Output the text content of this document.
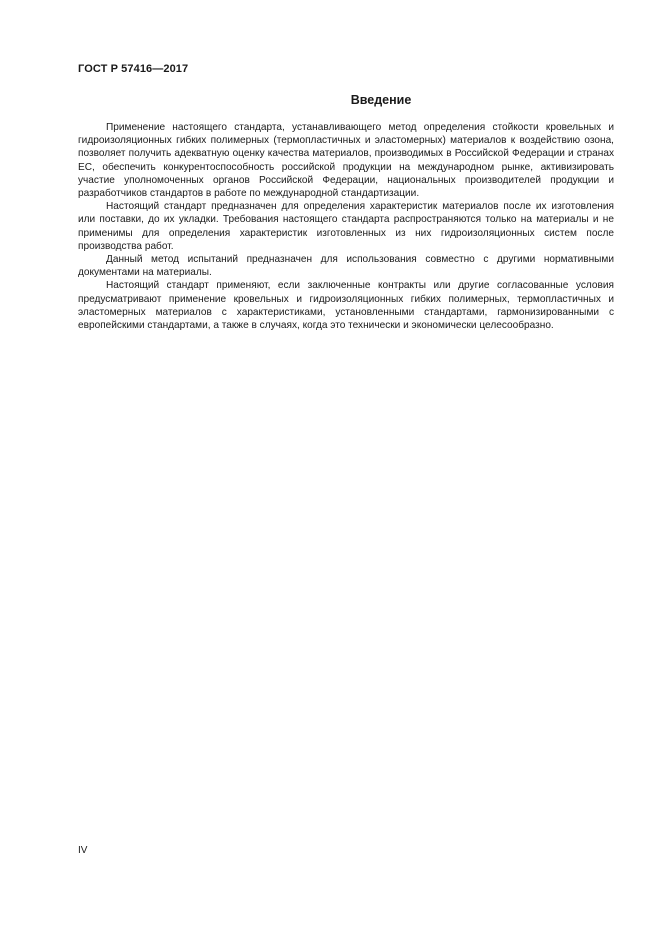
ГОСТ Р 57416—2017
Введение

Применение настоящего стандарта, устанавливающего метод определения стойкости кровельных и гидроизоляционных гибких полимерных (термопластичных и эластомерных) материалов к воздействию озона, позволяет получить адекватную оценку качества материалов, производимых в Российской Федерации и странах ЕС, обеспечить конкурентоспособность российской продукции на международном рынке, активизировать участие уполномоченных органов Российской Федерации, национальных производителей продукции и разработчиков стандартов в работе по международной стандартизации.

Настоящий стандарт предназначен для определения характеристик материалов после их изготовления или поставки, до их укладки. Требования настоящего стандарта распространяются только на материалы и не применимы для определения характеристик изготовленных из них гидроизоляционных систем после производства работ.

Данный метод испытаний предназначен для использования совместно с другими нормативными документами на материалы.

Настоящий стандарт применяют, если заключенные контракты или другие согласованные условия предусматривают применение кровельных и гидроизоляционных гибких полимерных, термопластичных и эластомерных материалов с характеристиками, установленными стандартами, гармонизированными с европейскими стандартами, а также в случаях, когда это технически и экономически целесообразно.

IV
